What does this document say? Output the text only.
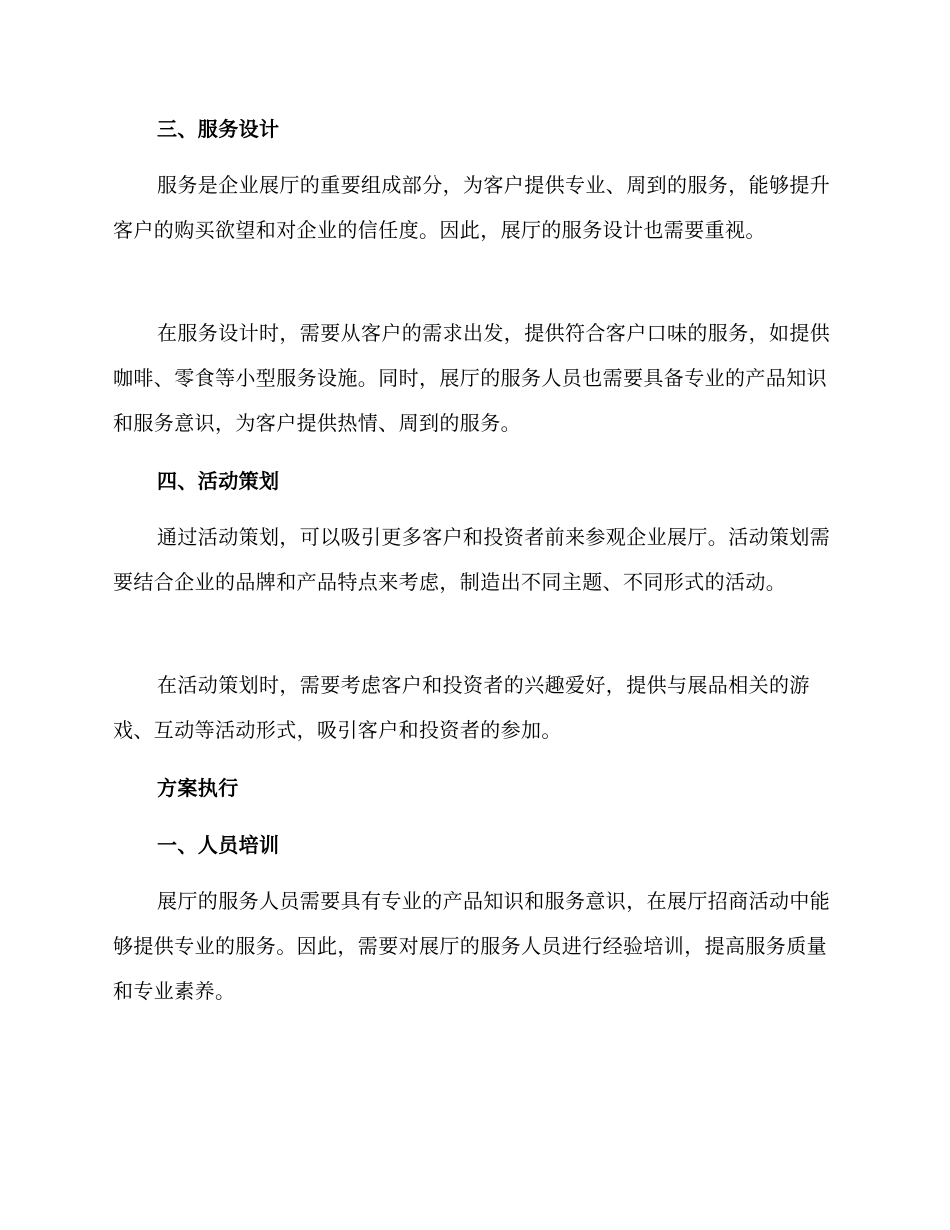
三、服务设计

服务是企业展厅的重要组成部分，为客户提供专业、周到的服务，能够提升客户的购买欲望和对企业的信任度。因此，展厅的服务设计也需要重视。

在服务设计时，需要从客户的需求出发，提供符合客户口味的服务，如提供咖啡、零食等小型服务设施。同时，展厅的服务人员也需要具备专业的产品知识和服务意识，为客户提供热情、周到的服务。

四、活动策划

通过活动策划，可以吸引更多客户和投资者前来参观企业展厅。活动策划需要结合企业的品牌和产品特点来考虑，制造出不同主题、不同形式的活动。

在活动策划时，需要考虑客户和投资者的兴趣爱好，提供与展品相关的游戏、互动等活动形式，吸引客户和投资者的参加。

方案执行
一、人员培训

展厅的服务人员需要具有专业的产品知识和服务意识，在展厅招商活动中能够提供专业的服务。因此，需要对展厅的服务人员进行经验培训，提高服务质量和专业素养。
